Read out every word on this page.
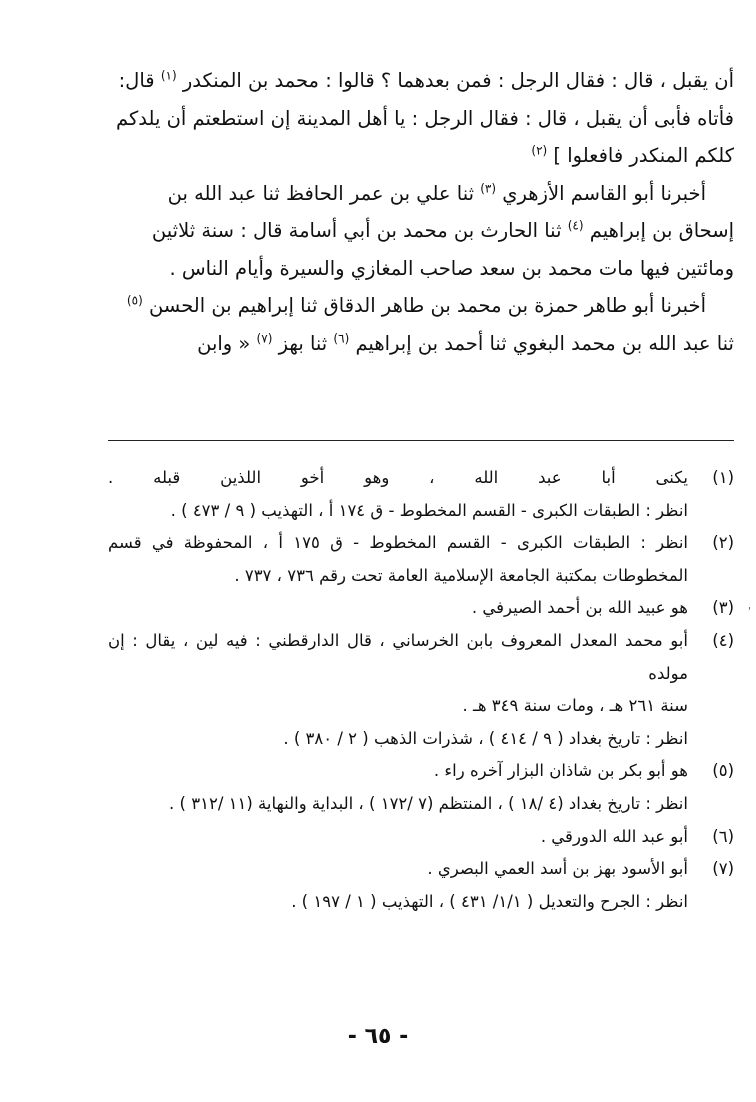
أن يقبل ، قال : فقال الرجل : فمن بعدهما ؟ قالوا : محمد بن المنكدر $^{(١)}$ قال:

فأتاه فأبى أن يقبل ، قال : فقال الرجل : يا أهل المدينة إن استطعتم أن يلدكم

كلكم المنكدر فافعلوا ] $^{(٢)}$

أخبرنا أبو القاسم الأزهري $^{(٣)}$ ثنا علي بن عمر الحافظ ثنا عبد الله بن

إسحاق بن إبراهيم $^{(٤)}$ ثنا الحارث بن محمد بن أبي أسامة قال : سنة ثلاثين

ومائتين فيها مات محمد بن سعد صاحب المغازي والسيرة وأيام الناس .

أخبرنا أبو طاهر حمزة بن محمد بن طاهر الدقاق ثنا إبراهيم بن الحسن $^{(٥)}$

ثنا عبد الله بن محمد البغوي ثنا أحمد بن إبراهيم $^{(٦)}$ ثنا بهز $^{(٧)}$ « وابن

(١)
يكنى أبا عبد الله ، وهو أخو اللذين قبله .
انظر : الطبقات الكبرى - القسم المخطوط - ق ١٧٤ أ ، التهذيب ( ٩ / ٤٧٣ ) .
(٢)
انظر : الطبقات الكبرى - القسم المخطوط - ق ١٧٥ أ ، المحفوظة في قسم
المخطوطات بمكتبة الجامعة الإسلامية العامة تحت رقم ٧٣٦ ، ٧٣٧ .
(٣)
هو عبيد الله بن أحمد الصيرفي .
(٤)
أبو محمد المعدل المعروف بابن الخرساني ، قال الدارقطني : فيه لين ، يقال : إن مولده
سنة ٢٦١ هـ ، ومات سنة ٣٤٩ هـ .
انظر : تاريخ بغداد ( ٩ / ٤١٤ ) ، شذرات الذهب ( ٢ / ٣٨٠ ) .
(٥)
هو أبو بكر بن شاذان البزار آخره راء .
انظر : تاريخ بغداد (٤ /١٨ ) ، المنتظم (٧ /١٧٢ ) ، البداية والنهاية (١١ /٣١٢ ) .
(٦)
أبو عبد الله الدورقي .
(٧)
أبو الأسود بهز بن أسد العمي البصري .
انظر : الجرح والتعديل ( ١/١/ ٤٣١ ) ، التهذيب ( ١ / ١٩٧ ) .
- ٦٥ -
'
